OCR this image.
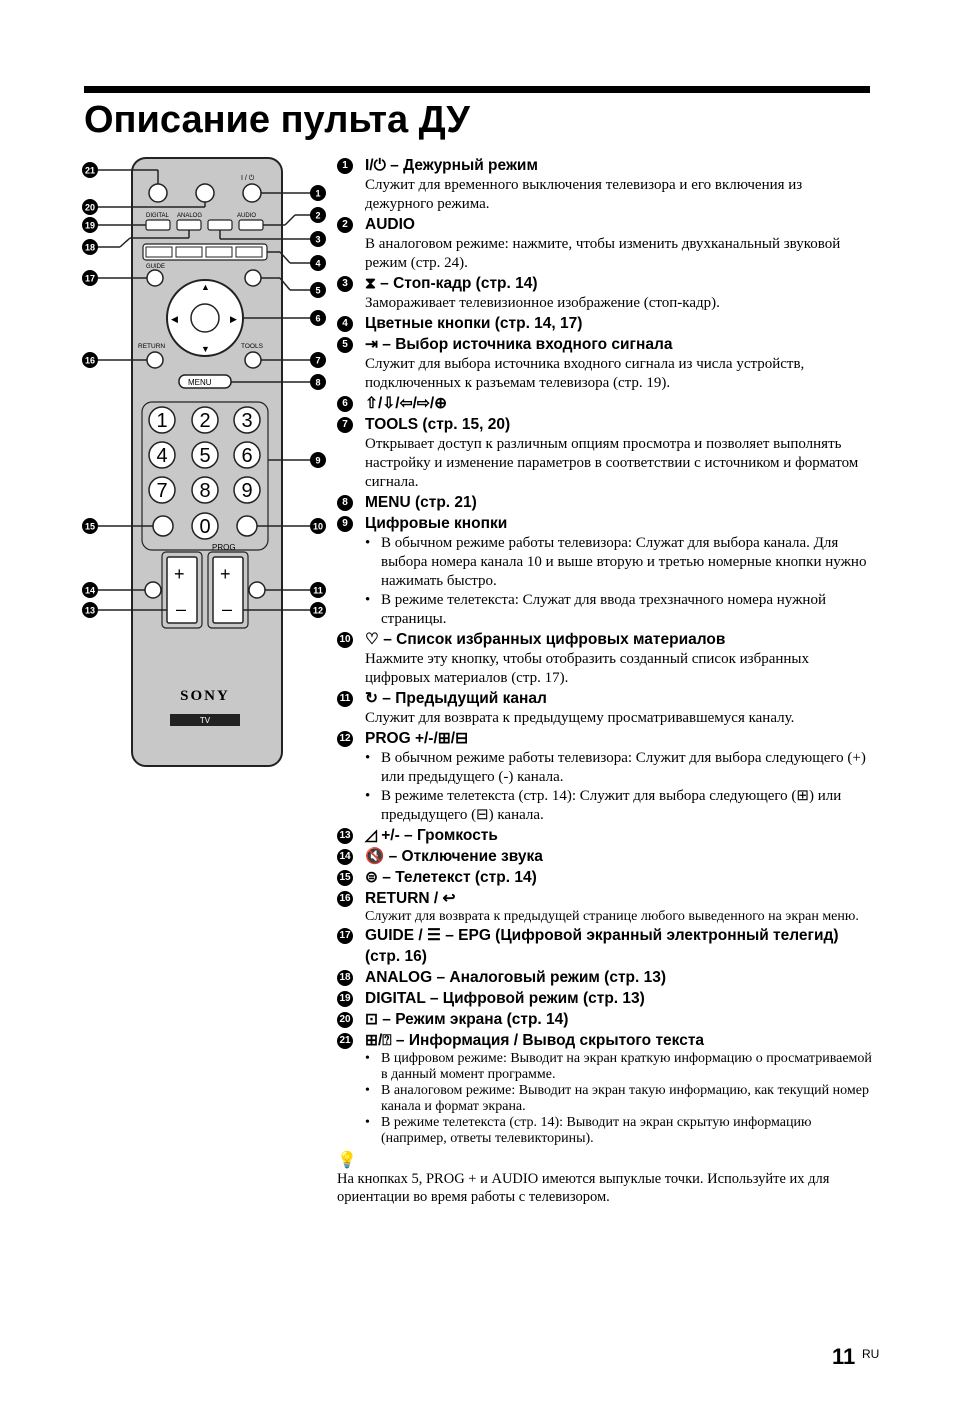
Описание пульта ДУ
I / ⏻
DIGITAL ANALOG	AUDIO
GUIDE
▲
▼
◀	▶
RETURN	TOOLS
MENU
1 2 3
4 5 6
7 8 9
0
PROG
+
–
+
–
SONY
TV
21
20
19
18
17
16
15
14
13
1
2
3
4
5
6
7
8
9
10
11
12
1	I/⏻ – Дежурный режим
Служит для временного выключения телевизора и его включения из дежурного режима.
2	AUDIO
В аналоговом режиме: нажмите, чтобы изменить двухканальный звуковой режим (стр. 24).
3	⧗ – Стоп-кадр (стр. 14)
Замораживает телевизионное изображение (стоп-кадр).
4	Цветные кнопки (стр. 14, 17)
5	⇥ – Выбор источника входного сигнала
Служит для выбора источника входного сигнала из числа устройств, подключенных к разъемам телевизора (стр. 19).
6	⇧/⇩/⇦/⇨/⊕
7	TOOLS (стр. 15, 20)
Открывает доступ к различным опциям просмотра и позволяет выполнять настройку и изменение параметров в соответствии с источником и форматом сигнала.
8	MENU (стр. 21)
9	Цифровые кнопки
• В обычном режиме работы телевизора: Служат для выбора канала. Для выбора номера канала 10 и выше вторую и третью номерные кнопки нужно нажимать быстро.
• В режиме телетекста: Служат для ввода трехзначного номера нужной страницы.
10 ♡ – Список избранных цифровых материалов
Нажмите эту кнопку, чтобы отобразить созданный список избранных цифровых материалов (стр. 17).
11 ↻ – Предыдущий канал
Служит для возврата к предыдущему просматривавшемуся каналу.
12 PROG +/-/⊞/⊟
• В обычном режиме работы телевизора: Служит для выбора следующего (+) или предыдущего (-) канала.
• В режиме телетекста (стр. 14): Служит для выбора следующего (⊞) или предыдущего (⊟) канала.
13 ◿ +/- – Громкость
14 🔇 – Отключение звука
15 ⊜ – Телетекст (стр. 14)
16 RETURN / ↩
Служит для возврата к предыдущей странице любого выведенного на экран меню.
17 GUIDE / ☰ – EPG (Цифровой экранный электронный телегид) (стр. 16)
18 ANALOG – Аналоговый режим (стр. 13)
19 DIGITAL – Цифровой режим (стр. 13)
20 ⊡ – Режим экрана (стр. 14)
21 ⊞/⍰ – Информация / Вывод скрытого текста
• В цифровом режиме: Выводит на экран краткую информацию о просматриваемой в данный момент программе.
• В аналоговом режиме: Выводит на экран такую информацию, как текущий номер канала и формат экрана.
• В режиме телетекста (стр. 14): Выводит на экран скрытую информацию (например, ответы телевикторины).
💡
На кнопках 5, PROG + и AUDIO имеются выпуклые точки. Используйте их для ориентации во время работы с телевизором.
11 RU
